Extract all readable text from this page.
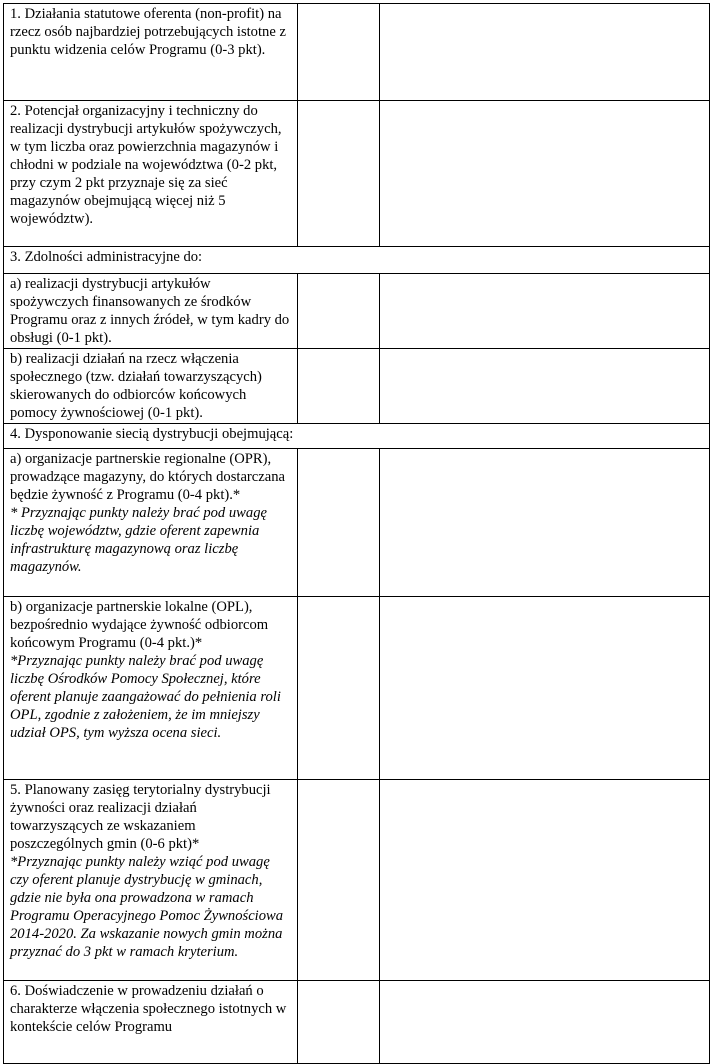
1. Działania statutowe oferenta (non-profit) na rzecz osób najbardziej potrzebujących istotne z punktu widzenia celów Programu (0-3 pkt).		

2. Potencjał organizacyjny i techniczny do realizacji dystrybucji artykułów spożywczych, w tym liczba oraz powierzchnia magazynów i chłodni w podziale na województwa (0-2 pkt, przy czym 2 pkt przyznaje się za sieć magazynów obejmującą więcej niż 5 województw).		

3. Zdolności administracyjne do:		

a) realizacji dystrybucji artykułów spożywczych finansowanych ze środków Programu oraz z innych źródeł, w tym kadry do obsługi (0-1 pkt).		

b) realizacji działań na rzecz włączenia społecznego (tzw. działań towarzyszących) skierowanych do odbiorców końcowych pomocy żywnościowej (0-1 pkt).		

4. Dysponowanie siecią dystrybucji obejmującą:		

a) organizacje partnerskie regionalne (OPR), prowadzące magazyny, do których dostarczana będzie żywność z Programu (0-4 pkt).*
* Przyznając punkty należy brać pod uwagę liczbę województw, gdzie oferent zapewnia infrastrukturę magazynową oraz liczbę magazynów.		

b) organizacje partnerskie lokalne (OPL), bezpośrednio wydające żywność odbiorcom końcowym Programu (0-4 pkt.)*
*Przyznając punkty należy brać pod uwagę liczbę Ośrodków Pomocy Społecznej, które oferent planuje zaangażować do pełnienia roli OPL, zgodnie z założeniem, że im mniejszy udział OPS, tym wyższa ocena sieci.		

5. Planowany zasięg terytorialny dystrybucji żywności oraz realizacji działań towarzyszących ze wskazaniem poszczególnych gmin (0-6 pkt)*
*Przyznając punkty należy wziąć pod uwagę czy oferent planuje dystrybucję w gminach, gdzie nie była ona prowadzona w ramach Programu Operacyjnego Pomoc Żywnościowa 2014-2020. Za wskazanie nowych gmin można przyznać do 3 pkt w ramach kryterium.		

6. Doświadczenie w prowadzeniu działań o charakterze włączenia społecznego istotnych w kontekście celów Programu		
